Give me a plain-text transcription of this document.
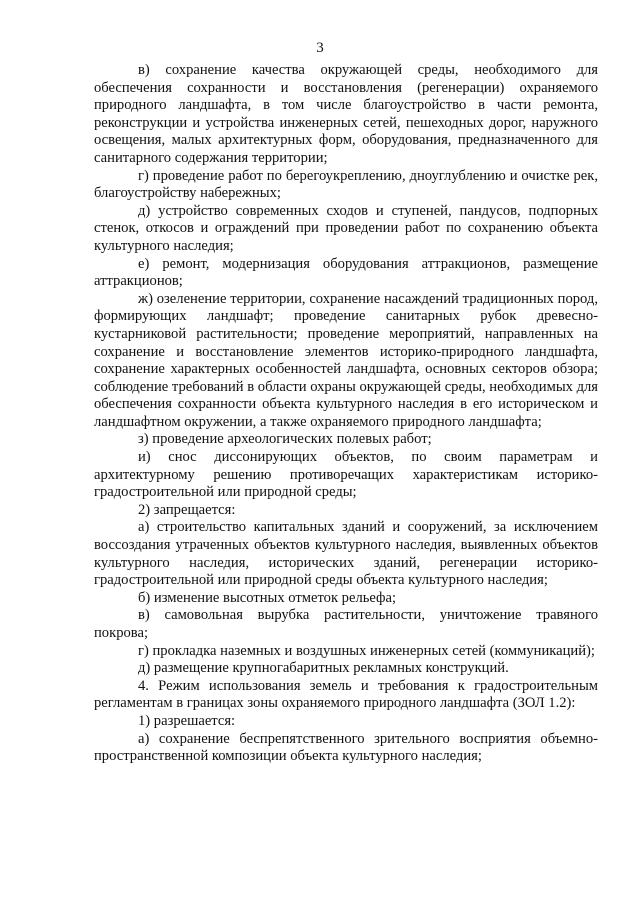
3

в) сохранение качества окружающей среды, необходимого для обеспечения сохранности и восстановления (регенерации) охраняемого природного ландшафта, в том числе благоустройство в части ремонта, реконструкции и устройства инженерных сетей, пешеходных дорог, наружного освещения, малых архитектурных форм, оборудования, предназначенного для санитарного содержания территории;

г) проведение работ по берегоукреплению, дноуглублению и очистке рек, благоустройству набережных;

д) устройство современных сходов и ступеней, пандусов, подпорных стенок, откосов и ограждений при проведении работ по сохранению объекта культурного наследия;

е) ремонт, модернизация оборудования аттракционов, размещение аттракционов;

ж) озеленение территории, сохранение насаждений традиционных пород, формирующих ландшафт; проведение санитарных рубок древесно-кустарниковой растительности; проведение мероприятий, направленных на сохранение и восстановление элементов историко-природного ландшафта, сохранение характерных особенностей ландшафта, основных секторов обзора; соблюдение требований в области охраны окружающей среды, необходимых для обеспечения сохранности объекта культурного наследия в его историческом и ландшафтном окружении, а также охраняемого природного ландшафта;

з) проведение археологических полевых работ;

и) снос диссонирующих объектов, по своим параметрам и архитектурному решению противоречащих характеристикам историко-градостроительной или природной среды;

2) запрещается:

а) строительство капитальных зданий и сооружений, за исключением воссоздания утраченных объектов культурного наследия, выявленных объектов культурного наследия, исторических зданий, регенерации историко-градостроительной или природной среды объекта культурного наследия;

б) изменение высотных отметок рельефа;

в) самовольная вырубка растительности, уничтожение травяного покрова;

г) прокладка наземных и воздушных инженерных сетей (коммуникаций);

д) размещение крупногабаритных рекламных конструкций.

4. Режим использования земель и требования к градостроительным регламентам в границах зоны охраняемого природного ландшафта (ЗОЛ 1.2):

1) разрешается:

а) сохранение беспрепятственного зрительного восприятия объемно-пространственной композиции объекта культурного наследия;
